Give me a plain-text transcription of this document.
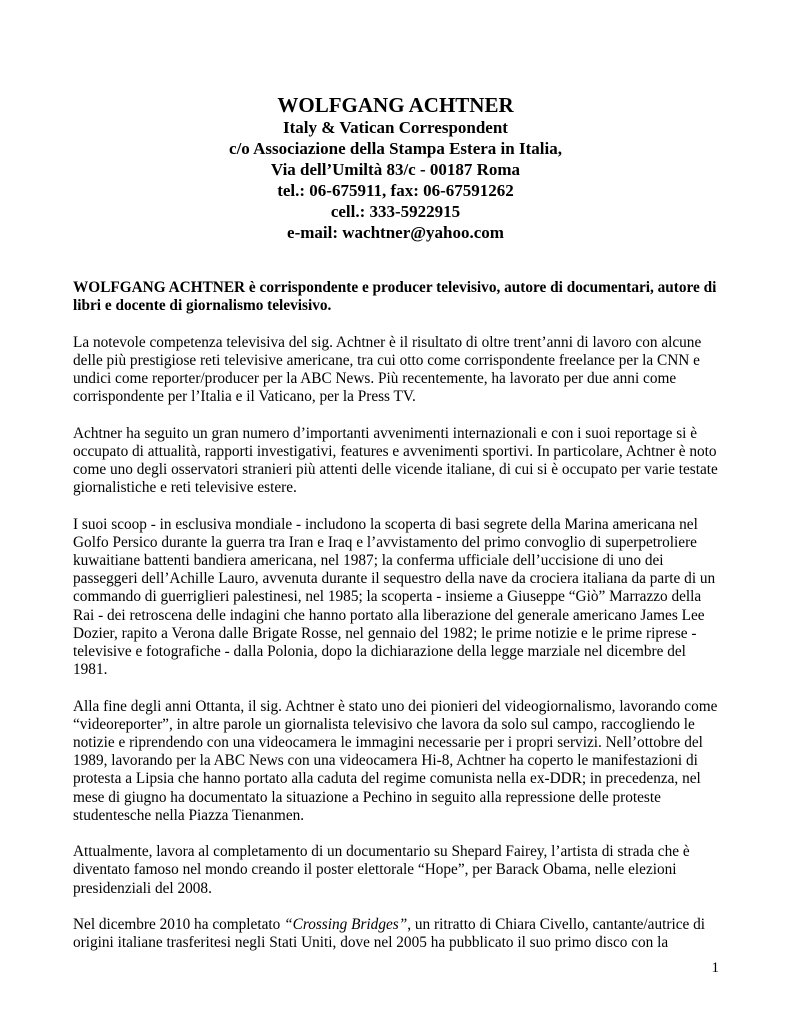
WOLFGANG ACHTNER
Italy & Vatican Correspondent
c/o Associazione della Stampa Estera in Italia,
Via dell’Umiltà 83/c - 00187 Roma
tel.: 06-675911, fax: 06-67591262
cell.: 333-5922915
e-mail: wachtner@yahoo.com

WOLFGANG ACHTNER è corrispondente e producer televisivo, autore di documentari, autore di libri e docente di giornalismo televisivo.

La notevole competenza televisiva del sig. Achtner è il risultato di oltre trent’anni di lavoro con alcune delle più prestigiose reti televisive americane, tra cui otto come corrispondente freelance per la CNN e undici come reporter/producer per la ABC News. Più recentemente, ha lavorato per due anni come corrispondente per l’Italia e il Vaticano, per la Press TV.

Achtner ha seguito un gran numero d’importanti avvenimenti internazionali e con i suoi reportage si è occupato di attualità, rapporti investigativi, features e avvenimenti sportivi. In particolare, Achtner è noto come uno degli osservatori stranieri più attenti delle vicende italiane, di cui si è occupato per varie testate giornalistiche e reti televisive estere.

I suoi scoop - in esclusiva mondiale - includono la scoperta di basi segrete della Marina americana nel Golfo Persico durante la guerra tra Iran e Iraq e l’avvistamento del primo convoglio di superpetroliere kuwaitiane battenti bandiera americana, nel 1987; la conferma ufficiale dell’uccisione di uno dei passeggeri dell’Achille Lauro, avvenuta durante il sequestro della nave da crociera italiana da parte di un commando di guerriglieri palestinesi, nel 1985; la scoperta - insieme a Giuseppe “Giò” Marrazzo della Rai - dei retroscena delle indagini che hanno portato alla liberazione del generale americano James Lee Dozier, rapito a Verona dalle Brigate Rosse, nel gennaio del 1982; le prime notizie e le prime riprese - televisive e fotografiche - dalla Polonia, dopo la dichiarazione della legge marziale nel dicembre del 1981.

Alla fine degli anni Ottanta, il sig. Achtner è stato uno dei pionieri del videogiornalismo, lavorando come “videoreporter”, in altre parole un giornalista televisivo che lavora da solo sul campo, raccogliendo le notizie e riprendendo con una videocamera le immagini necessarie per i propri servizi. Nell’ottobre del 1989, lavorando per la ABC News con una videocamera Hi-8, Achtner ha coperto le manifestazioni di protesta a Lipsia che hanno portato alla caduta del regime comunista nella ex-DDR; in precedenza, nel mese di giugno ha documentato la situazione a Pechino in seguito alla repressione delle proteste studentesche nella Piazza Tienanmen.

Attualmente, lavora al completamento di un documentario su Shepard Fairey, l’artista di strada che è diventato famoso nel mondo creando il poster elettorale “Hope”, per Barack Obama, nelle elezioni presidenziali del 2008.

Nel dicembre 2010 ha completato “Crossing Bridges”, un ritratto di Chiara Civello, cantante/autrice di origini italiane trasferitesi negli Stati Uniti, dove nel 2005 ha pubblicato il suo primo disco con la

1
